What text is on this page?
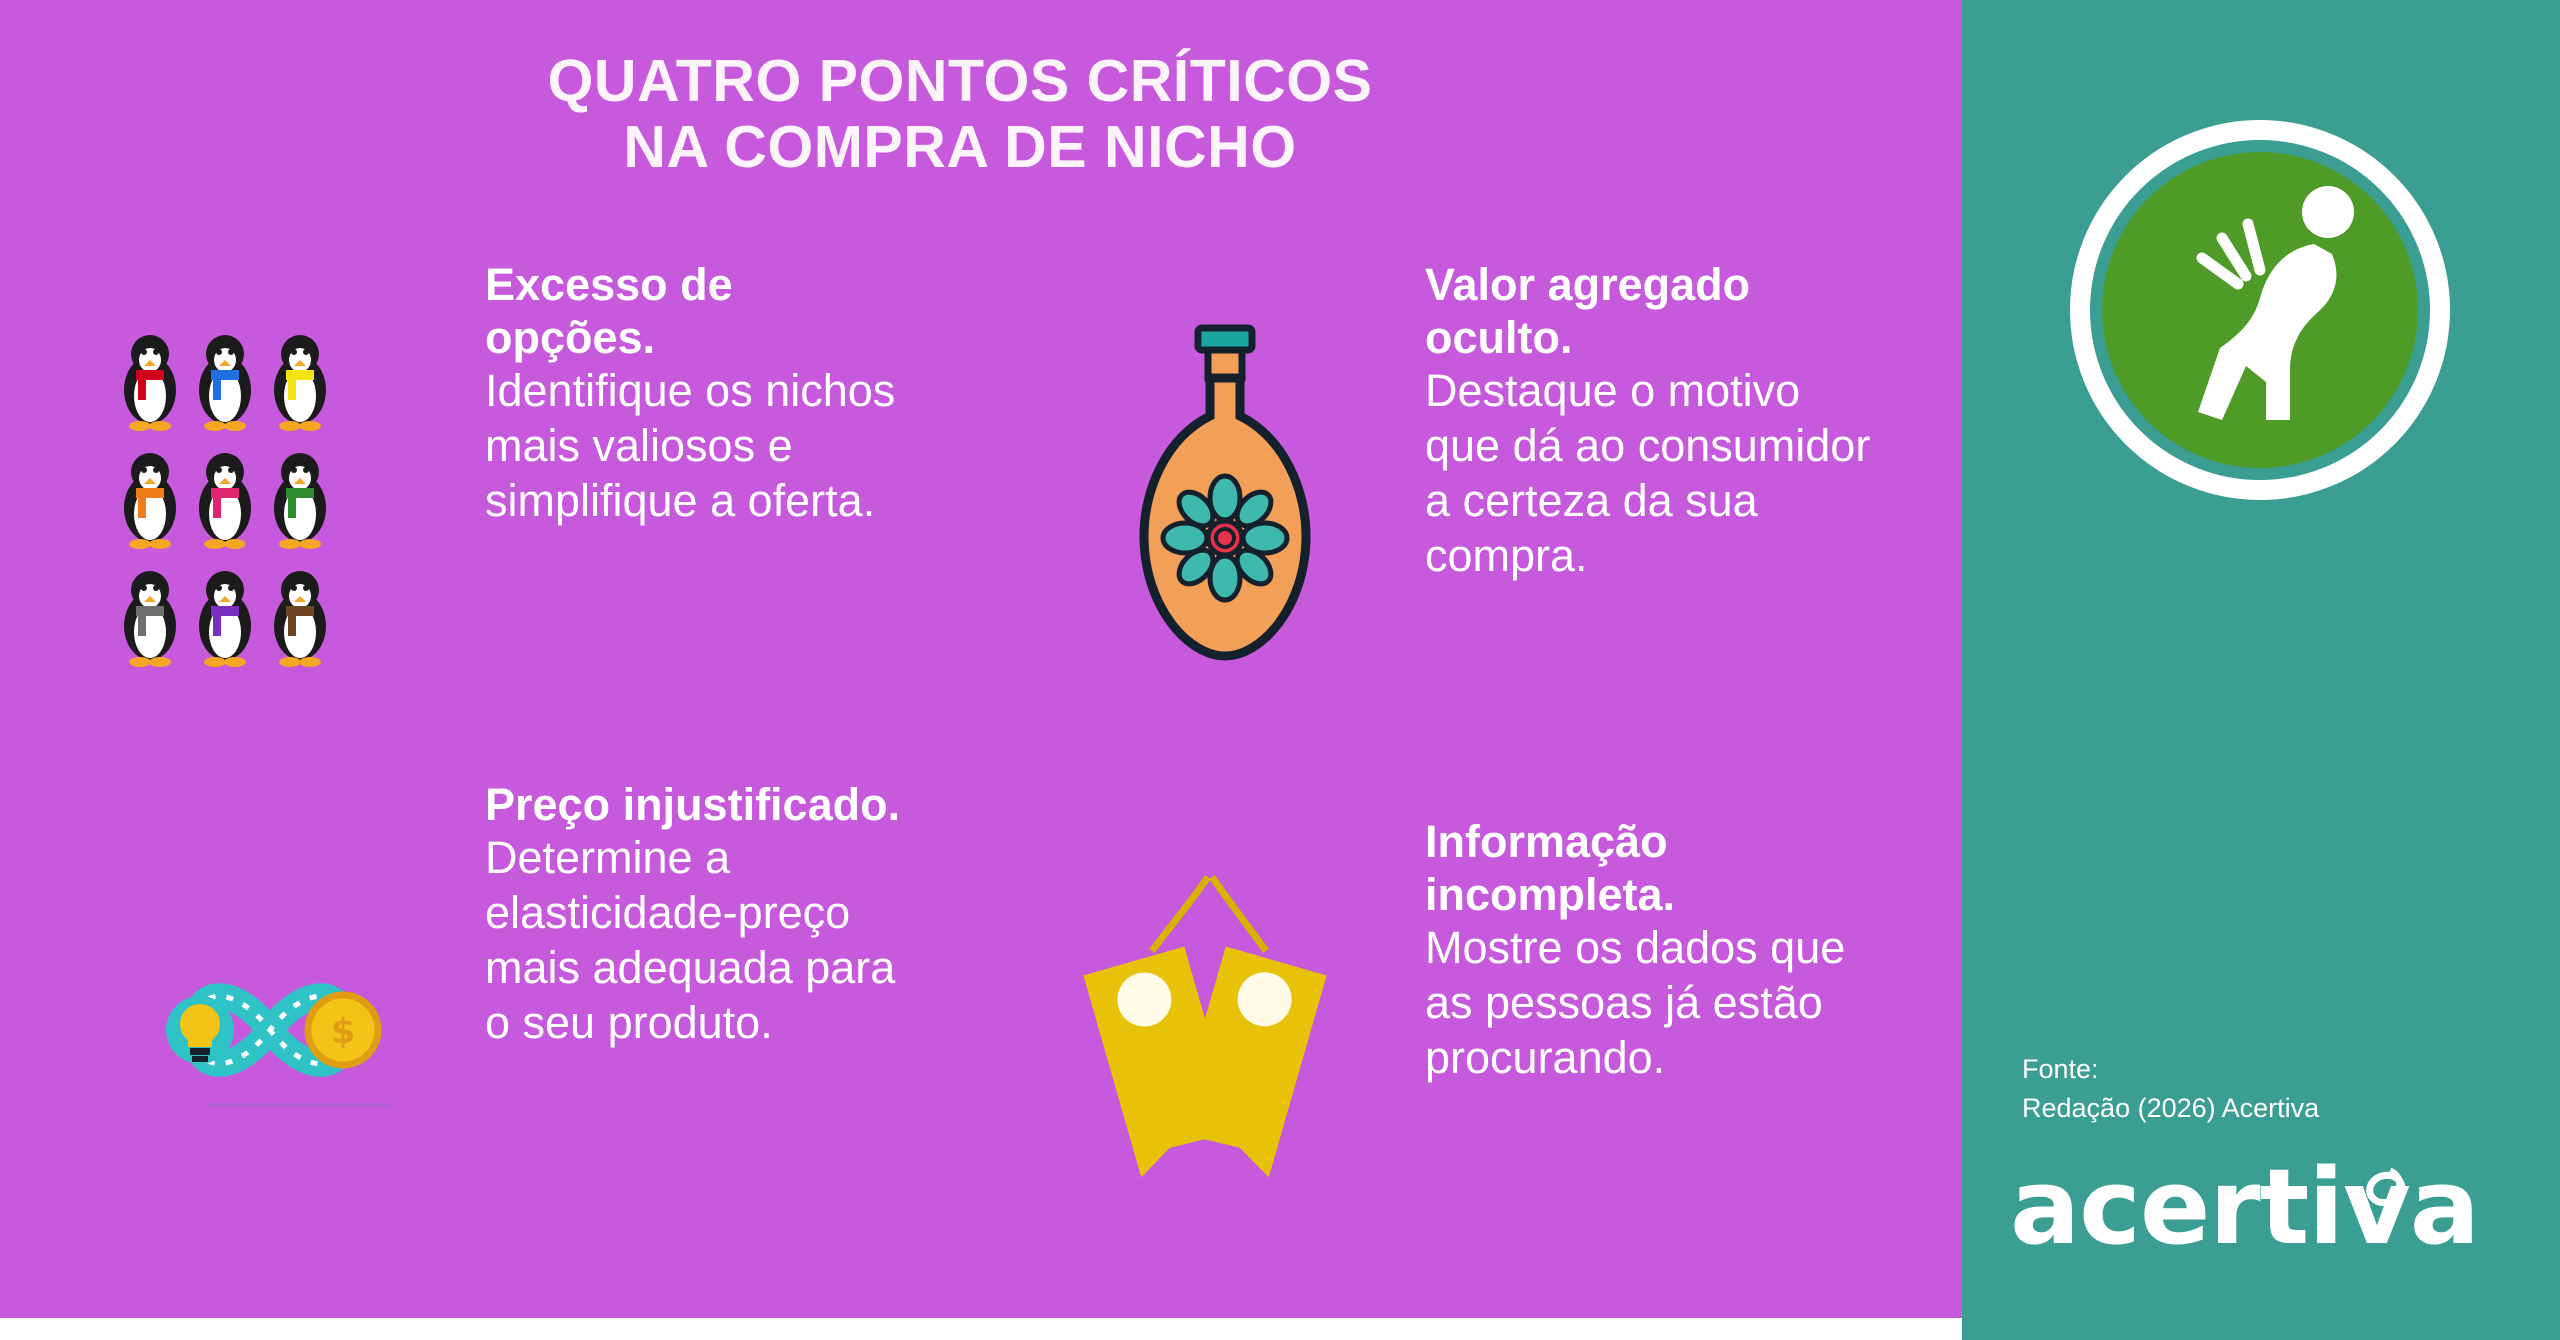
QUATRO PONTOS CRÍTICOS
NA COMPRA DE NICHO
$
Excesso de opções.
Identifique os nichos mais valiosos e simplifique a oferta.
Valor agregado oculto.
Destaque o motivo que dá ao consumidor a certeza da sua compra.
Preço injustificado.
Determine a elasticidade-preço mais adequada para o seu produto.
Informação incompleta.
Mostre os dados que as pessoas já estão procurando.	Fonte:
Redação (2026) Acertiva
acertiva
